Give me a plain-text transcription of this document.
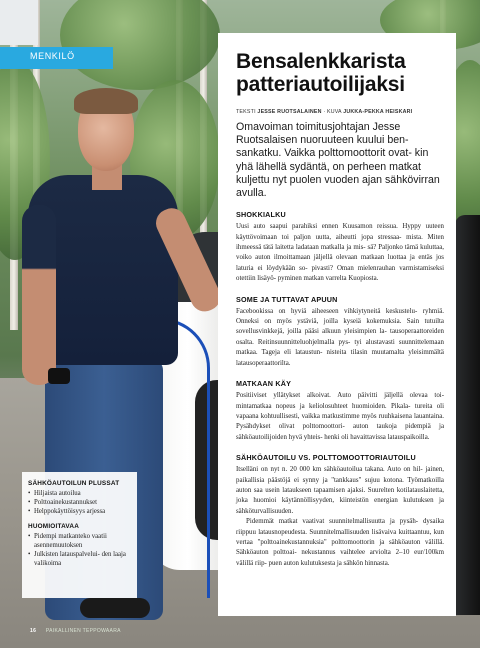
MENKILÖ	Bensalenkkarista
patteriautoilijaksi
TEKSTI JESSE RUOTSALAINEN · KUVA JUKKA-PEKKA HEISKARI
Omavoiman toimitusjohtajan Jesse Ruotsalaisen nuoruuteen kuului ben- sankatku. Vaikka polttomoottorit ovat- kin yhä lähellä sydäntä, on perheen matkat kuljettu nyt puolen vuoden ajan sähkövirran avulla.
SHOKKIALKU
Uusi auto saapui parahiksi ennen Kuusamon reissua. Hyppy uuteen käyttövoimaan toi paljon uutta, aiheutti jopa stressaa- mista. Miten ihmeessä tätä laitetta ladataan matkalla ja mis- sä? Paljonko tämä kuluttaa, voiko auton ilmoittamaan jäljellä olevaan matkaan luottaa ja entäs jos laturia ei löydykään so- pivasti? Oman mielenrauhan varmistamiseksi otettiin lisäyö- pyminen matkan varrelta Kuopiosta.
SOME JA TUTTAVAT APUUN
Facebookissa on hyviä aiheeseen vihkiytyneitä keskustelu- ryhmiä. Onneksi on myös ystäviä, joilla kyseiä kokemuksia. Sain tutuilta sovellusvinkkejä, joilla pääsi alkuun yleisimpien la- tausoperaattoreiden osalta. Reitinsuunnitteluohjelmalla pys- tyi alustavasti suunnittelemaan matkaa. Tageja eli lataustun- nisteita tilasin muutamalta yleisimmältä latausoperaattorilta.
MATKAAN KÄY
Positiiviset yllätykset alkoivat. Auto päivitti jäljellä olevaa toi- mintamatkaa nopeus ja keliolosuhteet huomioiden. Pikala- tureita oli vapaana kohtuullisesti, vaikka matkustimme myös ruuhkaisena lauantaina. Pysähdykset olivat polttomoottori- auton taukoja pidempiä ja sähköautoilijoiden hyvä yhteis- henki oli havaittavissa latauspaikoilla.
SÄHKÖAUTOILU VS. POLTTOMOOTTORIAUTOILU
Itselläni on nyt n. 20 000 km sähköautoilua takana. Auto on hil- jainen, paikallisia päästöjä ei synny ja "tankkaus" sujuu kotona. Työmatkoilla auton saa usein lataukseen tapaamisen ajaksi. Suurelten kotilatauslaitetta, joka huomioi käytännöllisyyden, kiinteistön energian kulutuksen ja sähköturvallisuuden.
Pidemmät matkat vaativat suunnitelmallisuutta ja pysäh- dysaika riippuu latausnopeudesta. Suunnitelmallisuuden lisävaiva kuittaantuu, kun vertaa "polttoainekustannuksia" polttomoottorin ja sähköauton välillä. Sähköauton polttoai- nekustannus vaihtelee arviolta 2–10 eur/100km välillä riip- puen auton kulutuksesta ja sähkön hinnasta.
SÄHKÖAUTOILUN PLUSSAT
• Hiljaista autoilua
• Polttoainekustannukset
• Helppokäyttöisyys arjessa
HUOMIOITAVAA
• Pidempi matkanteko vaatii asennemuutoksen
• Julkisten latauspalvelui- den laaja valikoima
16 PAIKALLINEN TEPPOWAARA
